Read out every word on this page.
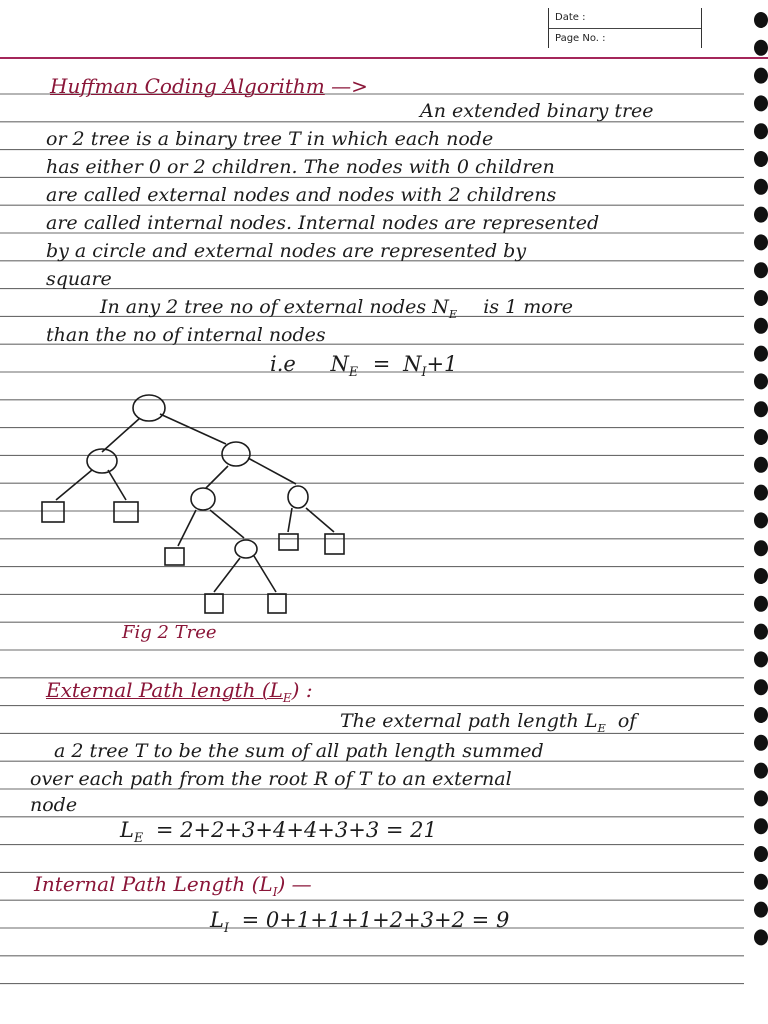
Date :
Page No. :
Huffman Coding Algorithm —>
An extended binary tree
or 2 tree is a binary tree T in which each node
has either 0 or 2 children. The nodes with 0 children
are called external nodes and nodes with 2 childrens
are called internal nodes. Internal nodes are represented
by a circle and external nodes are represented by
square
In any 2 tree no of external nodes $N_E$ is 1 more
than the no of internal nodes
i.e $N_E = N_I+1$
Fig 2 Tree
External Path length $(L_E)$ :
The external path length $L_E$ of
a 2 tree T to be the sum of all path length summed
over each path from the root R of T to an external
node
$L_E = 2+2+3+4+4+3+3 = 21$
Internal Path Length $(L_I)$ —
$L_I = 0+1+1+1+2+3+2 = 9$
